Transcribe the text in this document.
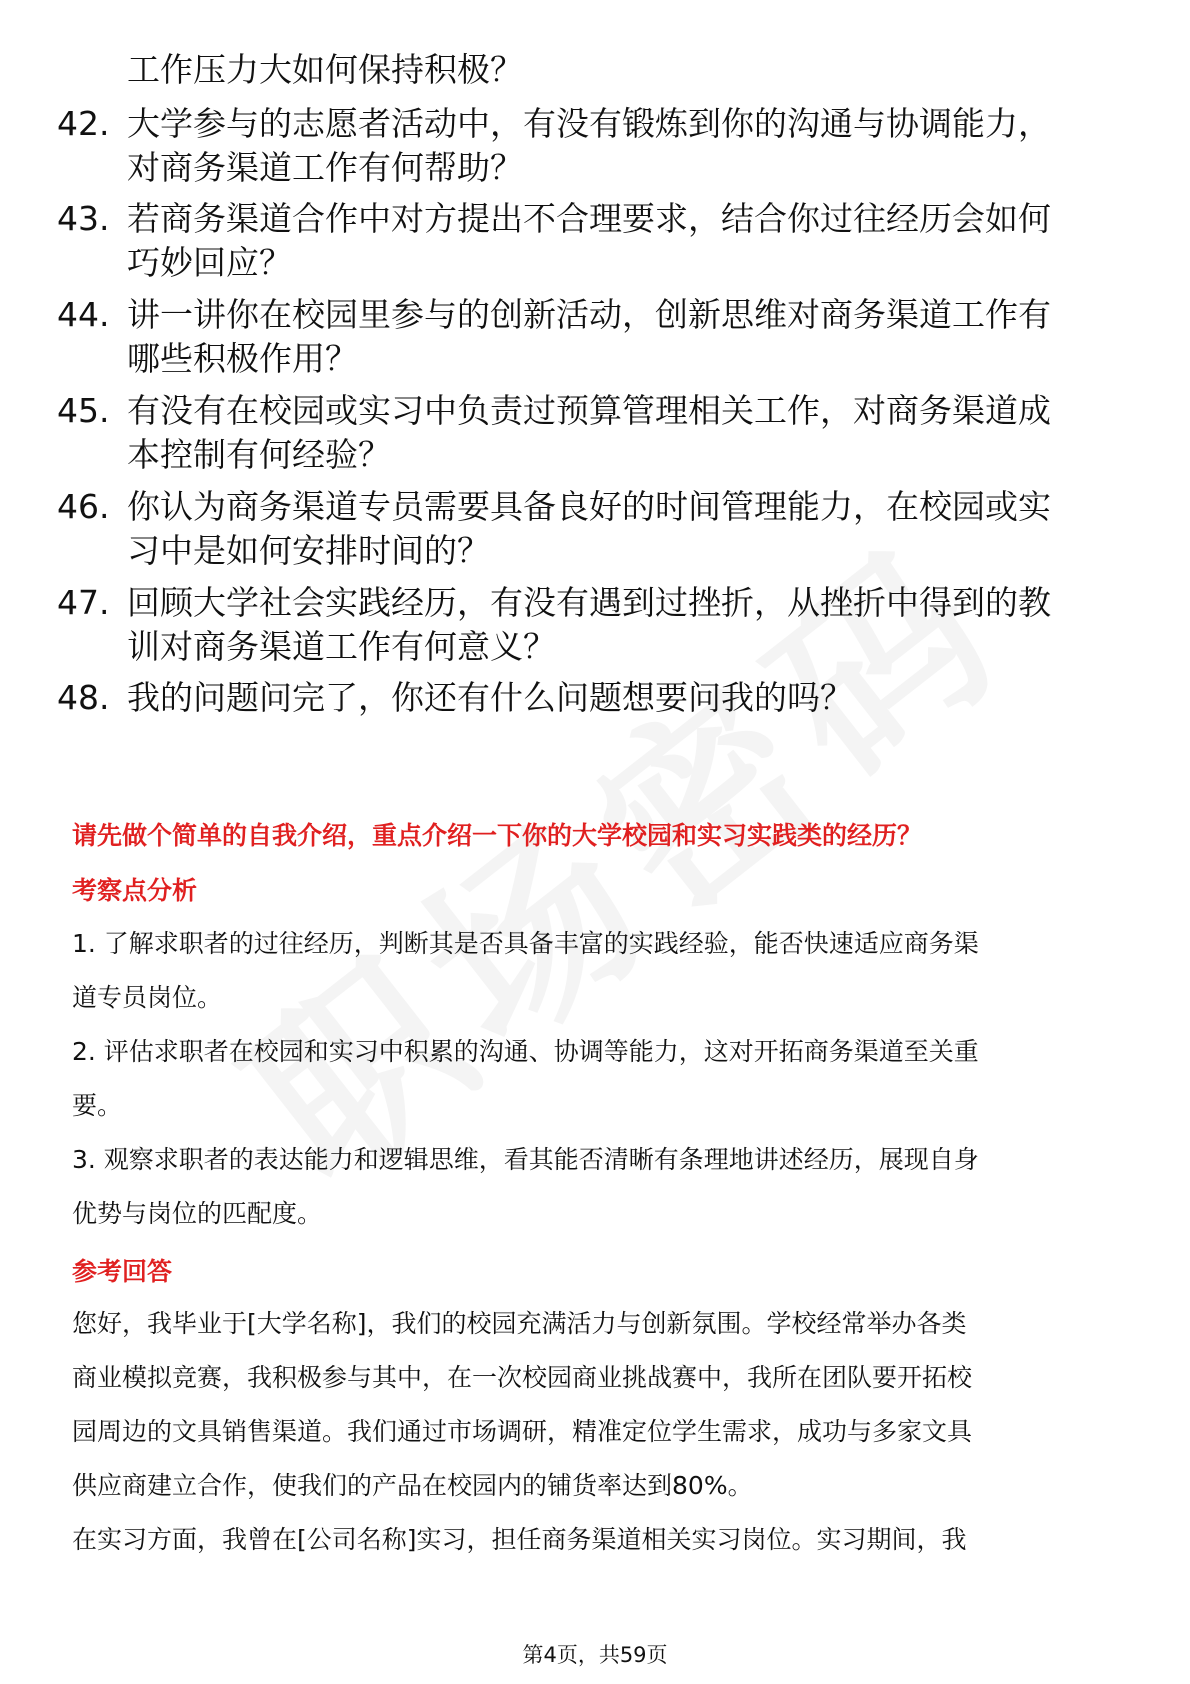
工作压力大如何保持积极？
42. 大学参与的志愿者活动中，有没有锻炼到你的沟通与协调能力，
对商务渠道工作有何帮助？
43. 若商务渠道合作中对方提出不合理要求，结合你过往经历会如何
巧妙回应？
44. 讲一讲你在校园里参与的创新活动，创新思维对商务渠道工作有
哪些积极作用？
45. 有没有在校园或实习中负责过预算管理相关工作，对商务渠道成
本控制有何经验？
46. 你认为商务渠道专员需要具备良好的时间管理能力，在校园或实
习中是如何安排时间的？
47. 回顾大学社会实践经历，有没有遇到过挫折，从挫折中得到的教
训对商务渠道工作有何意义？
48. 我的问题问完了，你还有什么问题想要问我的吗？
请先做个简单的自我介绍，重点介绍一下你的大学校园和实习实践类的经历？
考察点分析
1. 了解求职者的过往经历，判断其是否具备丰富的实践经验，能否快速适应商务渠
道专员岗位。
2. 评估求职者在校园和实习中积累的沟通、协调等能力，这对开拓商务渠道至关重
要。
3. 观察求职者的表达能力和逻辑思维，看其能否清晰有条理地讲述经历，展现自身
优势与岗位的匹配度。
参考回答
您好，我毕业于[大学名称]，我们的校园充满活力与创新氛围。学校经常举办各类
商业模拟竞赛，我积极参与其中，在一次校园商业挑战赛中，我所在团队要开拓校
园周边的文具销售渠道。我们通过市场调研，精准定位学生需求，成功与多家文具
供应商建立合作，使我们的产品在校园内的铺货率达到80%。
在实习方面，我曾在[公司名称]实习，担任商务渠道相关实习岗位。实习期间，我
第4页，共59页
